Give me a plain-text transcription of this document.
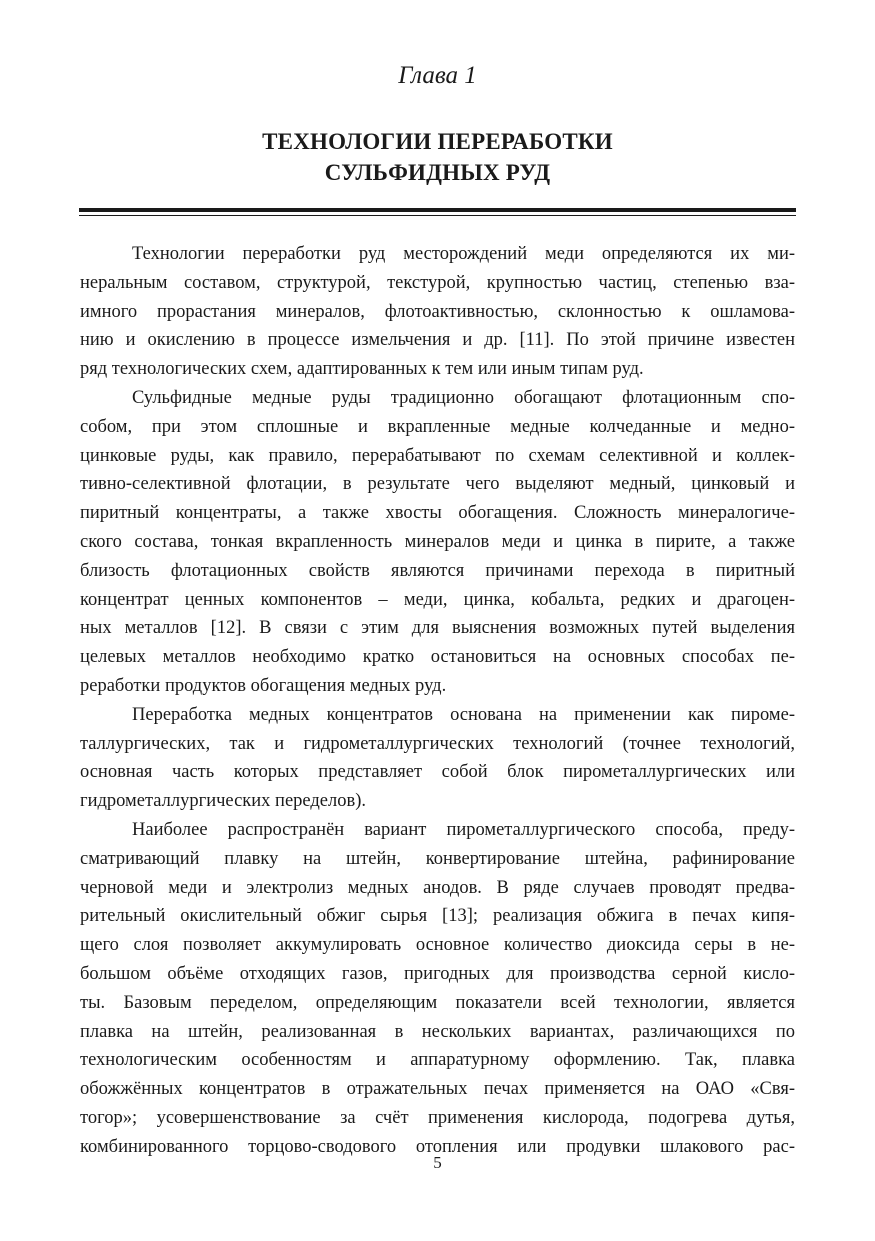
Глава 1
ТЕХНОЛОГИИ ПЕРЕРАБОТКИ
СУЛЬФИДНЫХ РУД
Технологии переработки руд месторождений меди определяются их ми-
неральным составом, структурой, текстурой, крупностью частиц, степенью вза-
имного прорастания минералов, флотоактивностью, склонностью к ошламова-
нию и окислению в процессе измельчения и др. [11]. По этой причине известен
ряд технологических схем, адаптированных к тем или иным типам руд.
Сульфидные медные руды традиционно обогащают флотационным спо-
собом, при этом сплошные и вкрапленные медные колчеданные и медно-
цинковые руды, как правило, перерабатывают по схемам селективной и коллек-
тивно-селективной флотации, в результате чего выделяют медный, цинковый и
пиритный концентраты, а также хвосты обогащения. Сложность минералогиче-
ского состава, тонкая вкрапленность минералов меди и цинка в пирите, а также
близость флотационных свойств являются причинами перехода в пиритный
концентрат ценных компонентов – меди, цинка, кобальта, редких и драгоцен-
ных металлов [12]. В связи с этим для выяснения возможных путей выделения
целевых металлов необходимо кратко остановиться на основных способах пе-
реработки продуктов обогащения медных руд.
Переработка медных концентратов основана на применении как пироме-
таллургических, так и гидрометаллургических технологий (точнее технологий,
основная часть которых представляет собой блок пирометаллургических или
гидрометаллургических переделов).
Наиболее распространён вариант пирометаллургического способа, преду-
сматривающий плавку на штейн, конвертирование штейна, рафинирование
черновой меди и электролиз медных анодов. В ряде случаев проводят предва-
рительный окислительный обжиг сырья [13]; реализация обжига в печах кипя-
щего слоя позволяет аккумулировать основное количество диоксида серы в не-
большом объёме отходящих газов, пригодных для производства серной кисло-
ты. Базовым переделом, определяющим показатели всей технологии, является
плавка на штейн, реализованная в нескольких вариантах, различающихся по
технологическим особенностям и аппаратурному оформлению. Так, плавка
обожжённых концентратов в отражательных печах применяется на ОАО «Свя-
тогор»; усовершенствование за счёт применения кислорода, подогрева дутья,
комбинированного торцово-сводового отопления или продувки шлакового рас-
5
